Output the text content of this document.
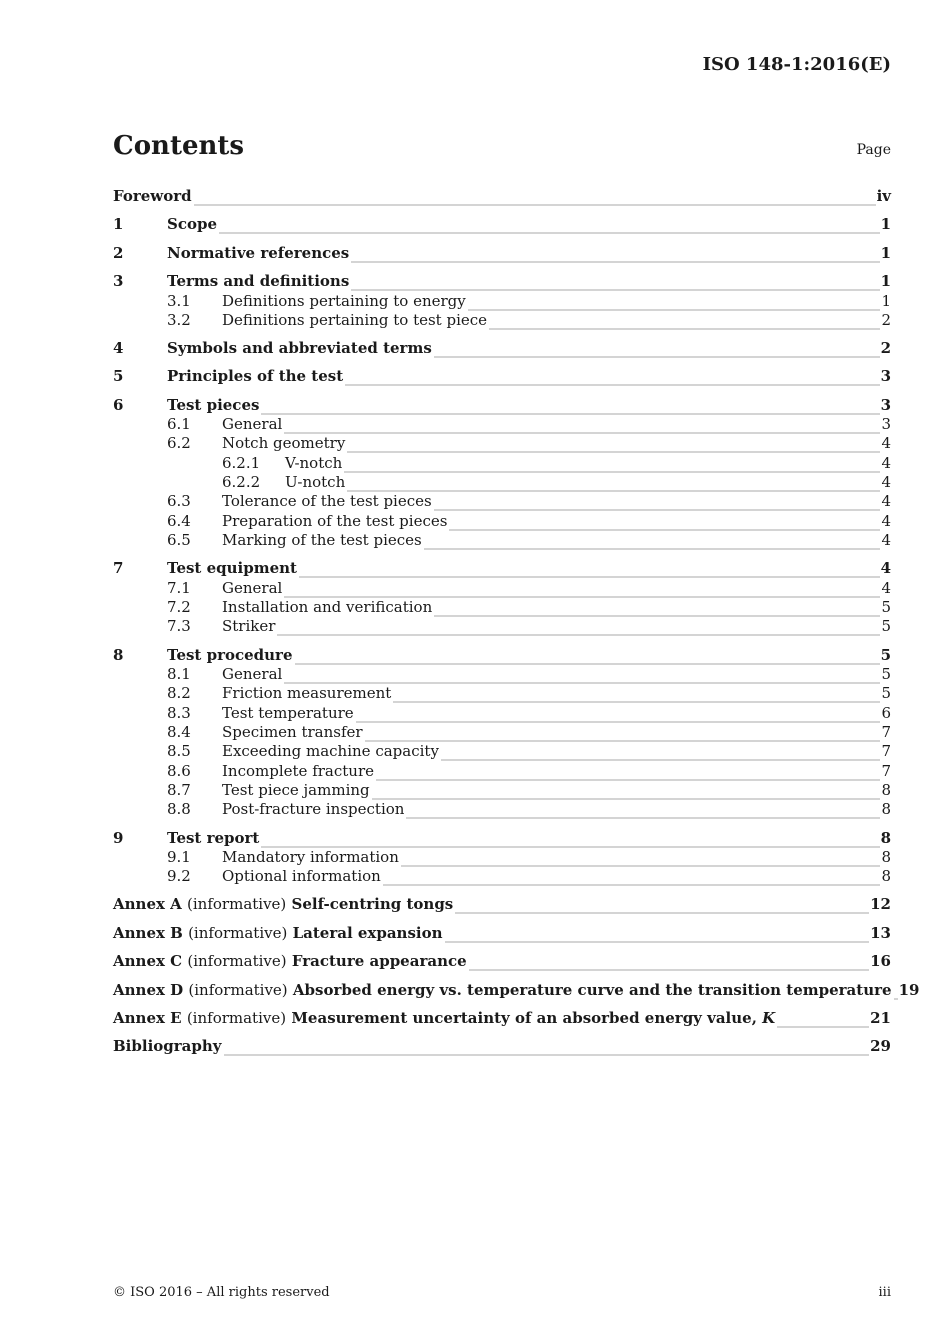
ISO 148-1:2016(E)
Contents	Page
Foreword	iv
1	Scope	1
2	Normative references	1
3	Terms and definitions	1
3.1 Definitions pertaining to energy	1
3.2 Definitions pertaining to test piece	2
4	Symbols and abbreviated terms	2
5	Principles of the test	3
6	Test pieces	3
6.1 General	3
6.2 Notch geometry	4
6.2.1 V-notch	4
6.2.2 U-notch	4
6.3 Tolerance of the test pieces	4
6.4 Preparation of the test pieces	4
6.5 Marking of the test pieces	4
7	Test equipment	4
7.1 General	4
7.2 Installation and verification	5
7.3 Striker	5
8	Test procedure	5
8.1 General	5
8.2 Friction measurement	5
8.3 Test temperature	6
8.4 Specimen transfer	7
8.5 Exceeding machine capacity	7
8.6 Incomplete fracture	7
8.7 Test piece jamming	8
8.8 Post-fracture inspection	8
9	Test report	8
9.1 Mandatory information	8
9.2 Optional information	8
Annex A (informative) Self-centring tongs	12
Annex B (informative) Lateral expansion	13
Annex C (informative) Fracture appearance	16
Annex D (informative) Absorbed energy vs. temperature curve and the transition temperature 19
Annex E (informative) Measurement uncertainty of an absorbed energy value, K	21
Bibliography	29
© ISO 2016 – All rights reserved	iii
